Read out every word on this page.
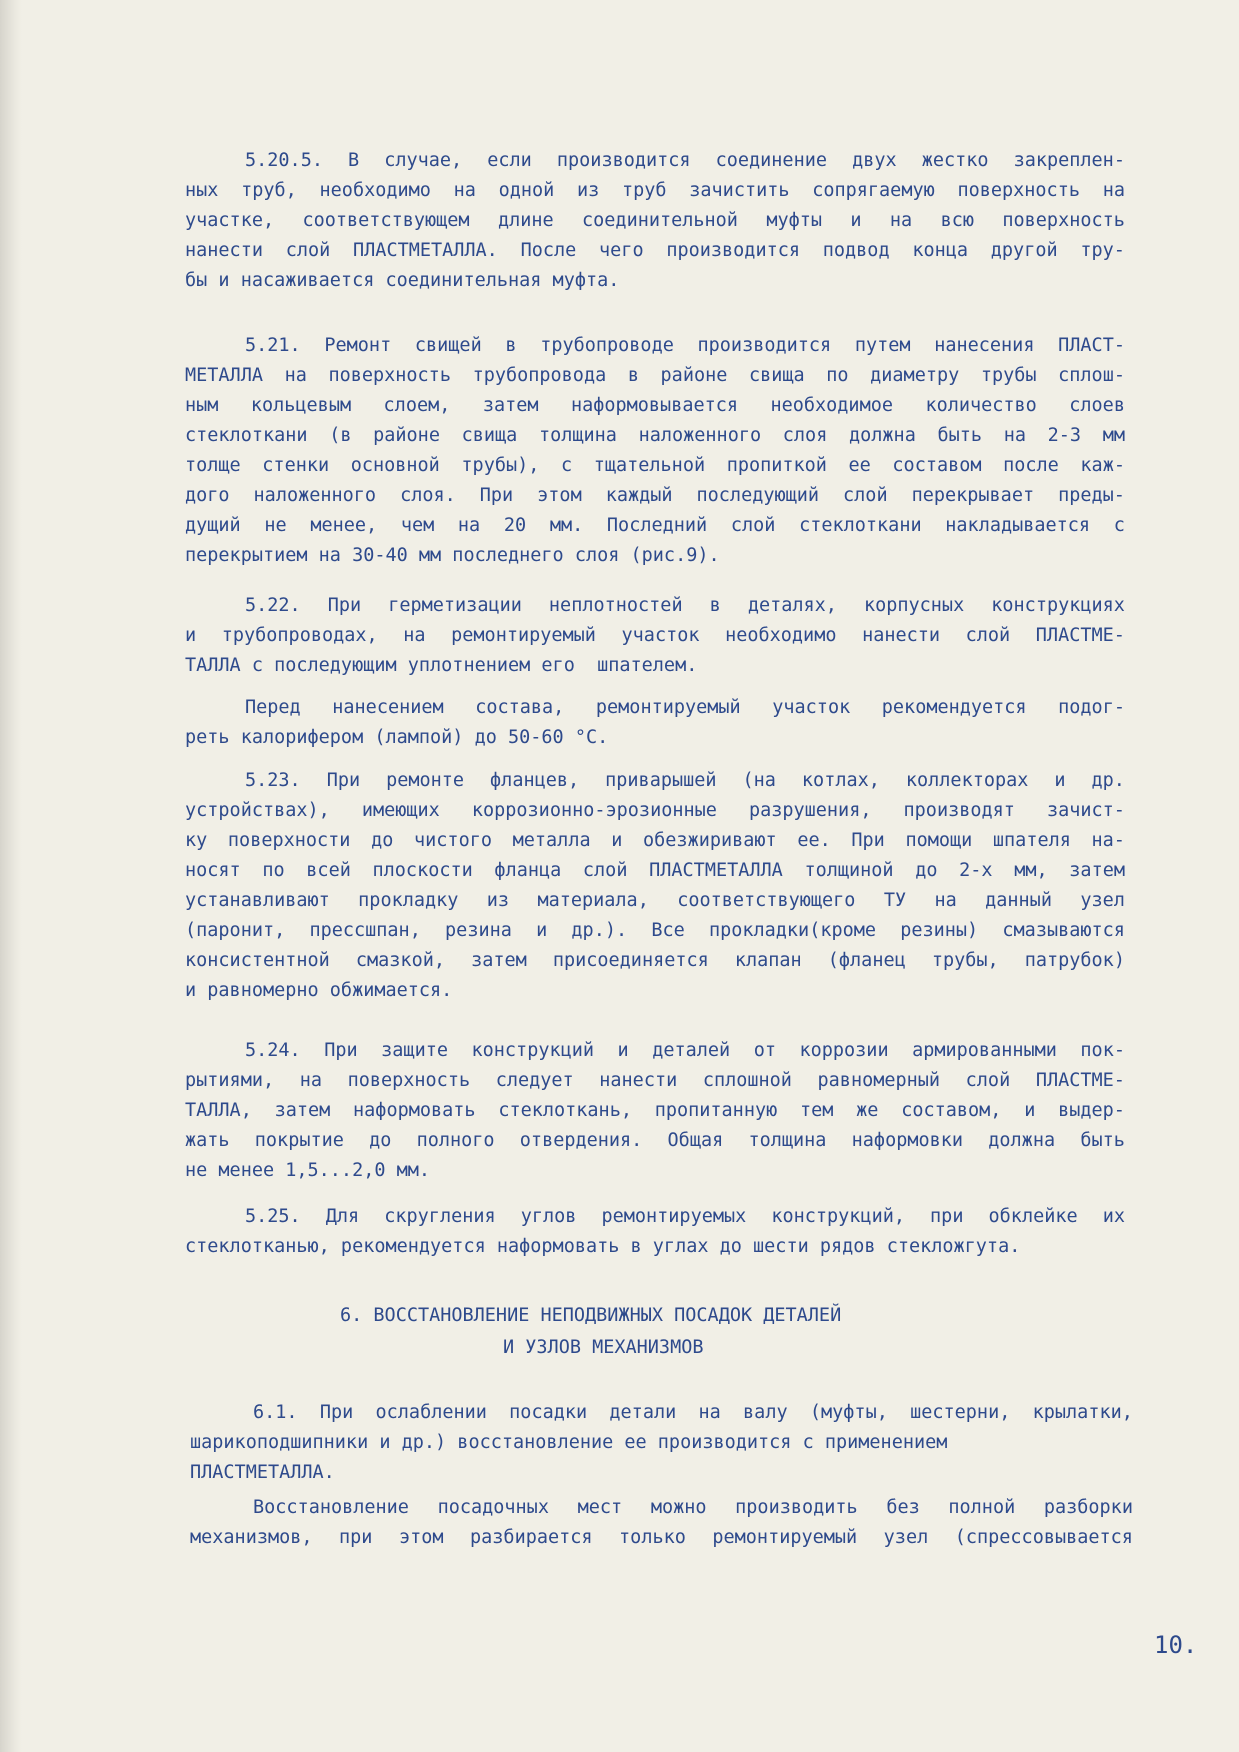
5.20.5. В случае, если производится соединение двух жестко закреплен-

ных труб, необходимо на одной из труб зачистить сопрягаемую поверхность на

участке, соответствующем длине соединительной муфты и на всю поверхность

нанести слой ПЛАСТМЕТАЛЛА. После чего производится подвод конца другой тру-

бы и насаживается соединительная муфта.

5.21. Ремонт свищей в трубопроводе производится путем нанесения ПЛАСТ-

МЕТАЛЛА на поверхность трубопровода в районе свища по диаметру трубы сплош-

ным кольцевым слоем, затем наформовывается необходимое количество слоев

стеклоткани (в районе свища толщина наложенного слоя должна быть на 2-3 мм

толще стенки основной трубы), с тщательной пропиткой ее составом после каж-

дого наложенного слоя. При этом каждый последующий слой перекрывает преды-

дущий не менее, чем на 20 мм. Последний слой стеклоткани накладывается с

перекрытием на 30-40 мм последнего слоя (рис.9).

5.22. При герметизации неплотностей в деталях, корпусных конструкциях

и трубопроводах, на ремонтируемый участок необходимо нанести слой ПЛАСТМЕ-

ТАЛЛА с последующим уплотнением его  шпателем.

Перед нанесением состава, ремонтируемый участок рекомендуется подог-

реть калорифером (лампой) до 50-60 °С.

5.23. При ремонте фланцев, приварышей (на котлах, коллекторах и др.

устройствах), имеющих коррозионно-эрозионные разрушения, производят зачист-

ку поверхности до чистого металла и обезжиривают ее. При помощи шпателя на-

носят по всей плоскости фланца слой ПЛАСТМЕТАЛЛА толщиной до 2-х мм, затем

устанавливают прокладку из материала, соответствующего ТУ на данный узел

(паронит, прессшпан, резина и др.). Все прокладки(кроме резины) смазываются

консистентной смазкой, затем присоединяется клапан (фланец трубы, патрубок)

и равномерно обжимается.

5.24. При защите конструкций и деталей от коррозии армированными пок-

рытиями, на поверхность следует нанести сплошной равномерный слой ПЛАСТМЕ-

ТАЛЛА, затем наформовать стеклоткань, пропитанную тем же составом, и выдер-

жать покрытие до полного отвердения. Общая толщина наформовки должна быть

не менее 1,5...2,0 мм.

5.25. Для скругления углов ремонтируемых конструкций, при обклейке их

стеклотканью, рекомендуется наформовать в углах до шести рядов стекложгута.

6. ВОССТАНОВЛЕНИЕ НЕПОДВИЖНЫХ ПОСАДОК ДЕТАЛЕЙ

И УЗЛОВ МЕХАНИЗМОВ

6.1. При ослаблении посадки детали на валу (муфты, шестерни, крылатки,

шарикоподшипники и др.) восстановление ее производится с применением

ПЛАСТМЕТАЛЛА.

Восстановление посадочных мест можно производить без полной разборки

механизмов, при этом разбирается только ремонтируемый узел (спрессовывается

10.
